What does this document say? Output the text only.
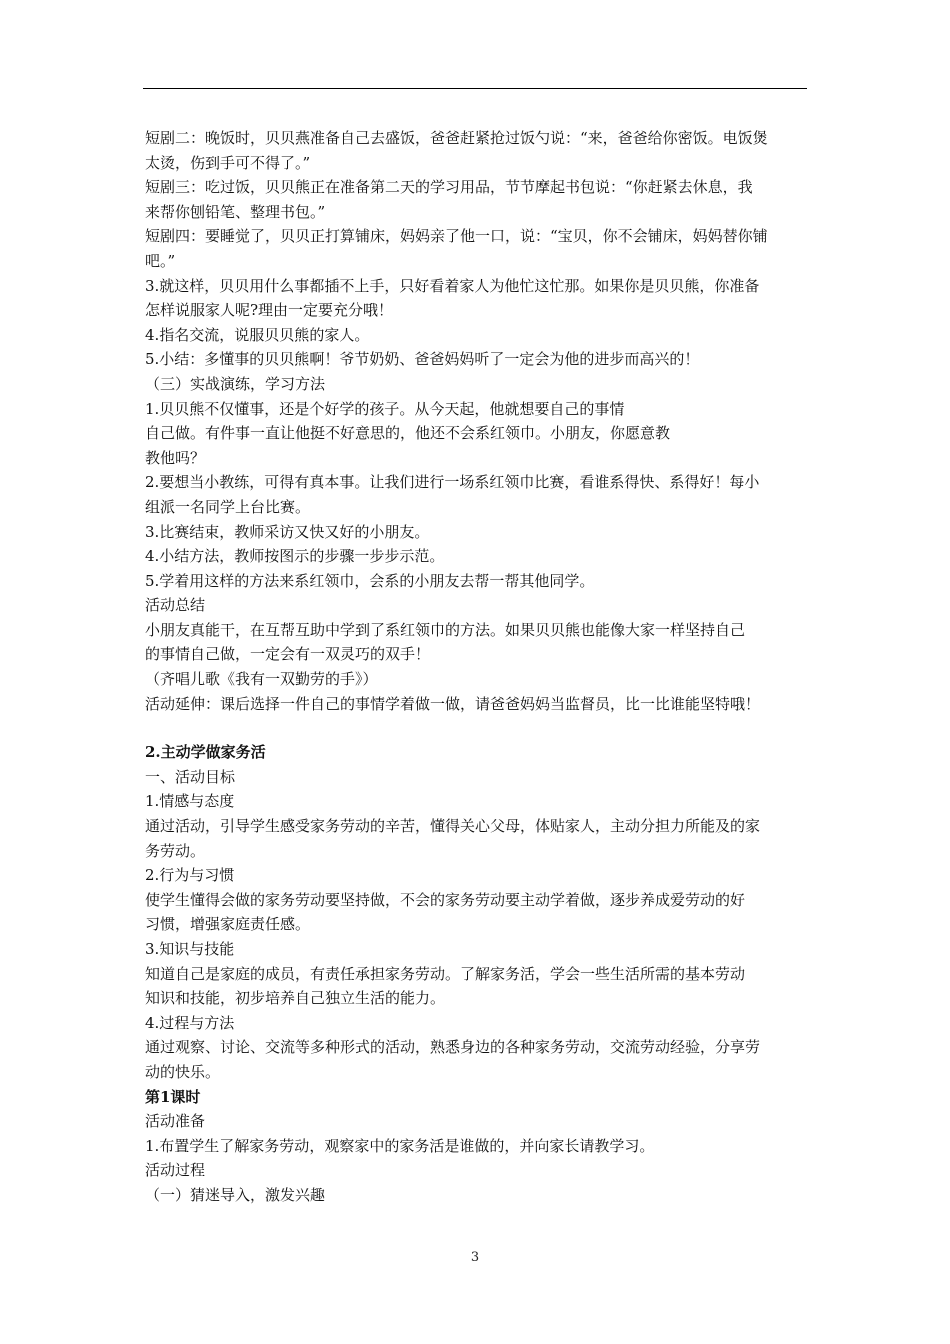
短剧二：晚饭时，贝贝燕准备自己去盛饭，爸爸赶紧抢过饭勺说：“来，爸爸给你密饭。电饭煲

太烫，伤到手可不得了。”

短剧三：吃过饭，贝贝熊正在准备第二天的学习用品，节节摩起书包说：“你赶紧去休息，我

来帮你刨铅笔、整理书包。”

短剧四：要睡觉了，贝贝正打算铺床，妈妈亲了他一口，说：“宝贝，你不会铺床，妈妈替你铺

吧。”

3.就这样，贝贝用什么事都插不上手，只好看着家人为他忙这忙那。如果你是贝贝熊，你准备

怎样说服家人呢?理由一定要充分哦！

4.指名交流，说服贝贝熊的家人。

5.小结：多懂事的贝贝熊啊！爷节奶奶、爸爸妈妈听了一定会为他的进步而高兴的！

（三）实战演练，学习方法

1.贝贝熊不仅懂事，还是个好学的孩子。从今天起，他就想要自己的事情

自己做。有件事一直让他挺不好意思的，他还不会系红领巾。小朋友，你愿意教

教他吗？

2.要想当小教练，可得有真本事。让我们进行一场系红领巾比赛，看谁系得快、系得好！每小

组派一名同学上台比赛。

3.比赛结束，教师采访又快又好的小朋友。

4.小结方法，教师按图示的步骤一步步示范。

5.学着用这样的方法来系红领巾，会系的小朋友去帮一帮其他同学。

活动总结

小朋友真能干，在互帮互助中学到了系红领巾的方法。如果贝贝熊也能像大家一样坚持自己

的事情自己做，一定会有一双灵巧的双手！

（齐唱儿歌《我有一双勤劳的手》）

活动延伸：课后选择一件自己的事情学着做一做，请爸爸妈妈当监督员，比一比谁能坚特哦！

2.主动学做家务活

一、活动目标

1.情感与态度

通过活动，引导学生感受家务劳动的辛苦，懂得关心父母，体贴家人，主动分担力所能及的家

务劳动。

2.行为与习惯

使学生懂得会做的家务劳动要坚持做，不会的家务劳动要主动学着做，逐步养成爱劳动的好

习惯，增强家庭责任感。

3.知识与技能

知道自己是家庭的成员，有责任承担家务劳动。了解家务活，学会一些生活所需的基本劳动

知识和技能，初步培养自己独立生活的能力。

4.过程与方法

通过观察、讨论、交流等多种形式的活动，熟悉身边的各种家务劳动，交流劳动经验，分享劳

动的快乐。

第1课时

活动准备

1.布置学生了解家务劳动，观察家中的家务活是谁做的，并向家长请教学习。

活动过程

（一）猜迷导入，激发兴趣

3
